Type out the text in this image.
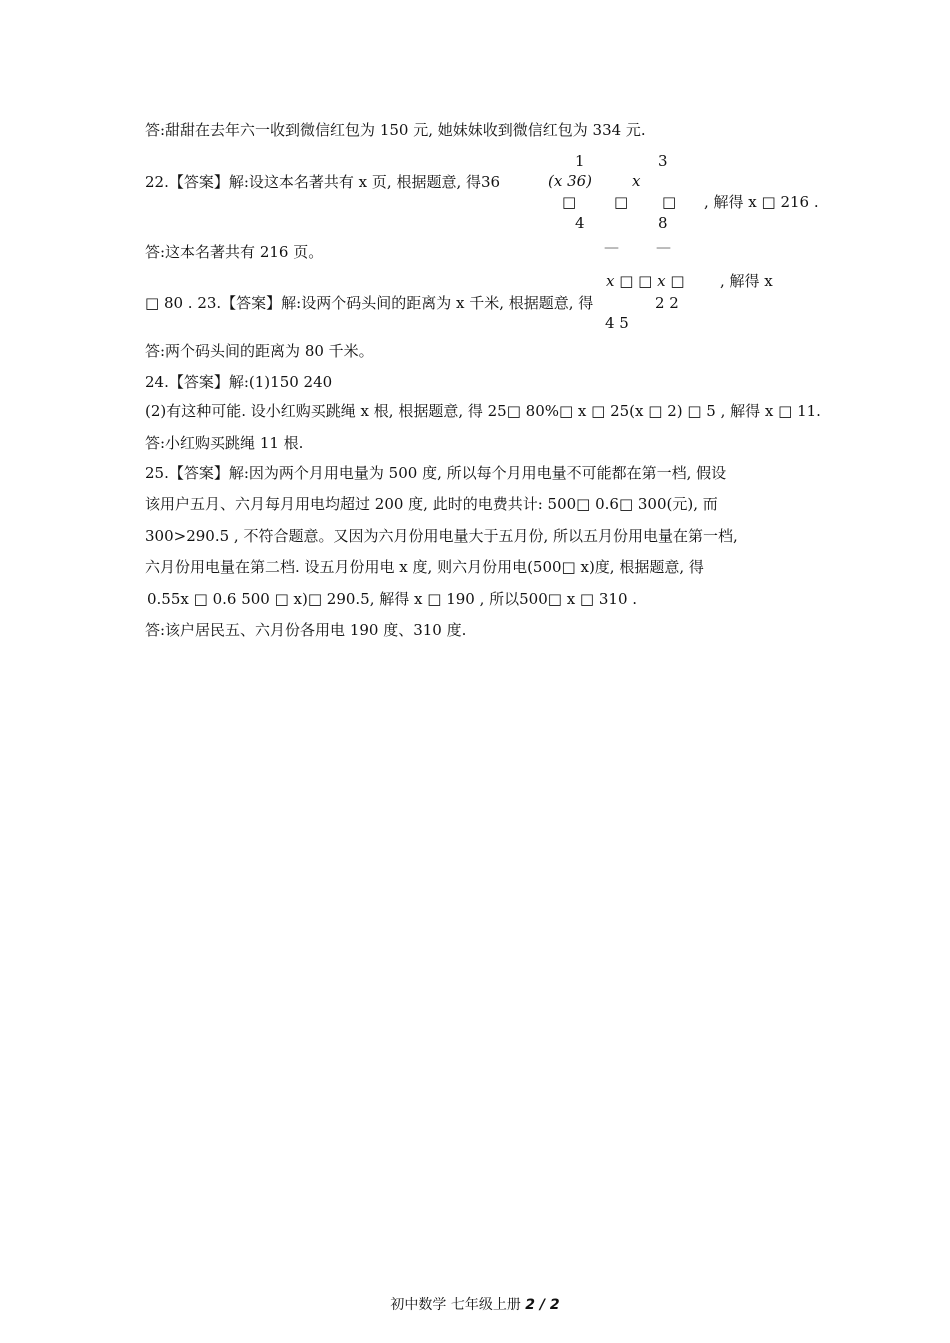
答:甜甜在去年六一收到微信红包为 150 元, 她妹妹收到微信红包为 334 元.
22.【答案】解:设这本名著共有 x 页, 根据题意, 得36
1	3
(x 36)	x
□	□ □ , 解得 x □ 216 .
4	8
答:这本名著共有 216 页。	— —
x □ □ x □ , 解得 x
□ 80 . 23.【答案】解:设两个码头间的距离为 x 千米, 根据题意, 得	2 2
4 5
答:两个码头间的距离为 80 千米。
24.【答案】解:(1)150 240
(2)有这种可能. 设小红购买跳绳 x 根, 根据题意, 得 25□ 80%□ x □ 25(x □ 2) □ 5 , 解得 x □ 11.
答:小红购买跳绳 11 根.
25.【答案】解:因为两个月用电量为 500 度, 所以每个月用电量不可能都在第一档, 假设
该用户五月、六月每月用电均超过 200 度, 此时的电费共计: 500□ 0.6□ 300(元), 而
300>290.5 , 不符合题意。又因为六月份用电量大于五月份, 所以五月份用电量在第一档,
六月份用电量在第二档. 设五月份用电 x 度, 则六月份用电(500□ x)度, 根据题意, 得
0.55x □ 0.6 500 □ x)□ 290.5, 解得 x □ 190 , 所以500□ x □ 310 .
答:该户居民五、六月份各用电 190 度、310 度.
初中数学 七年级上册 2 / 2
